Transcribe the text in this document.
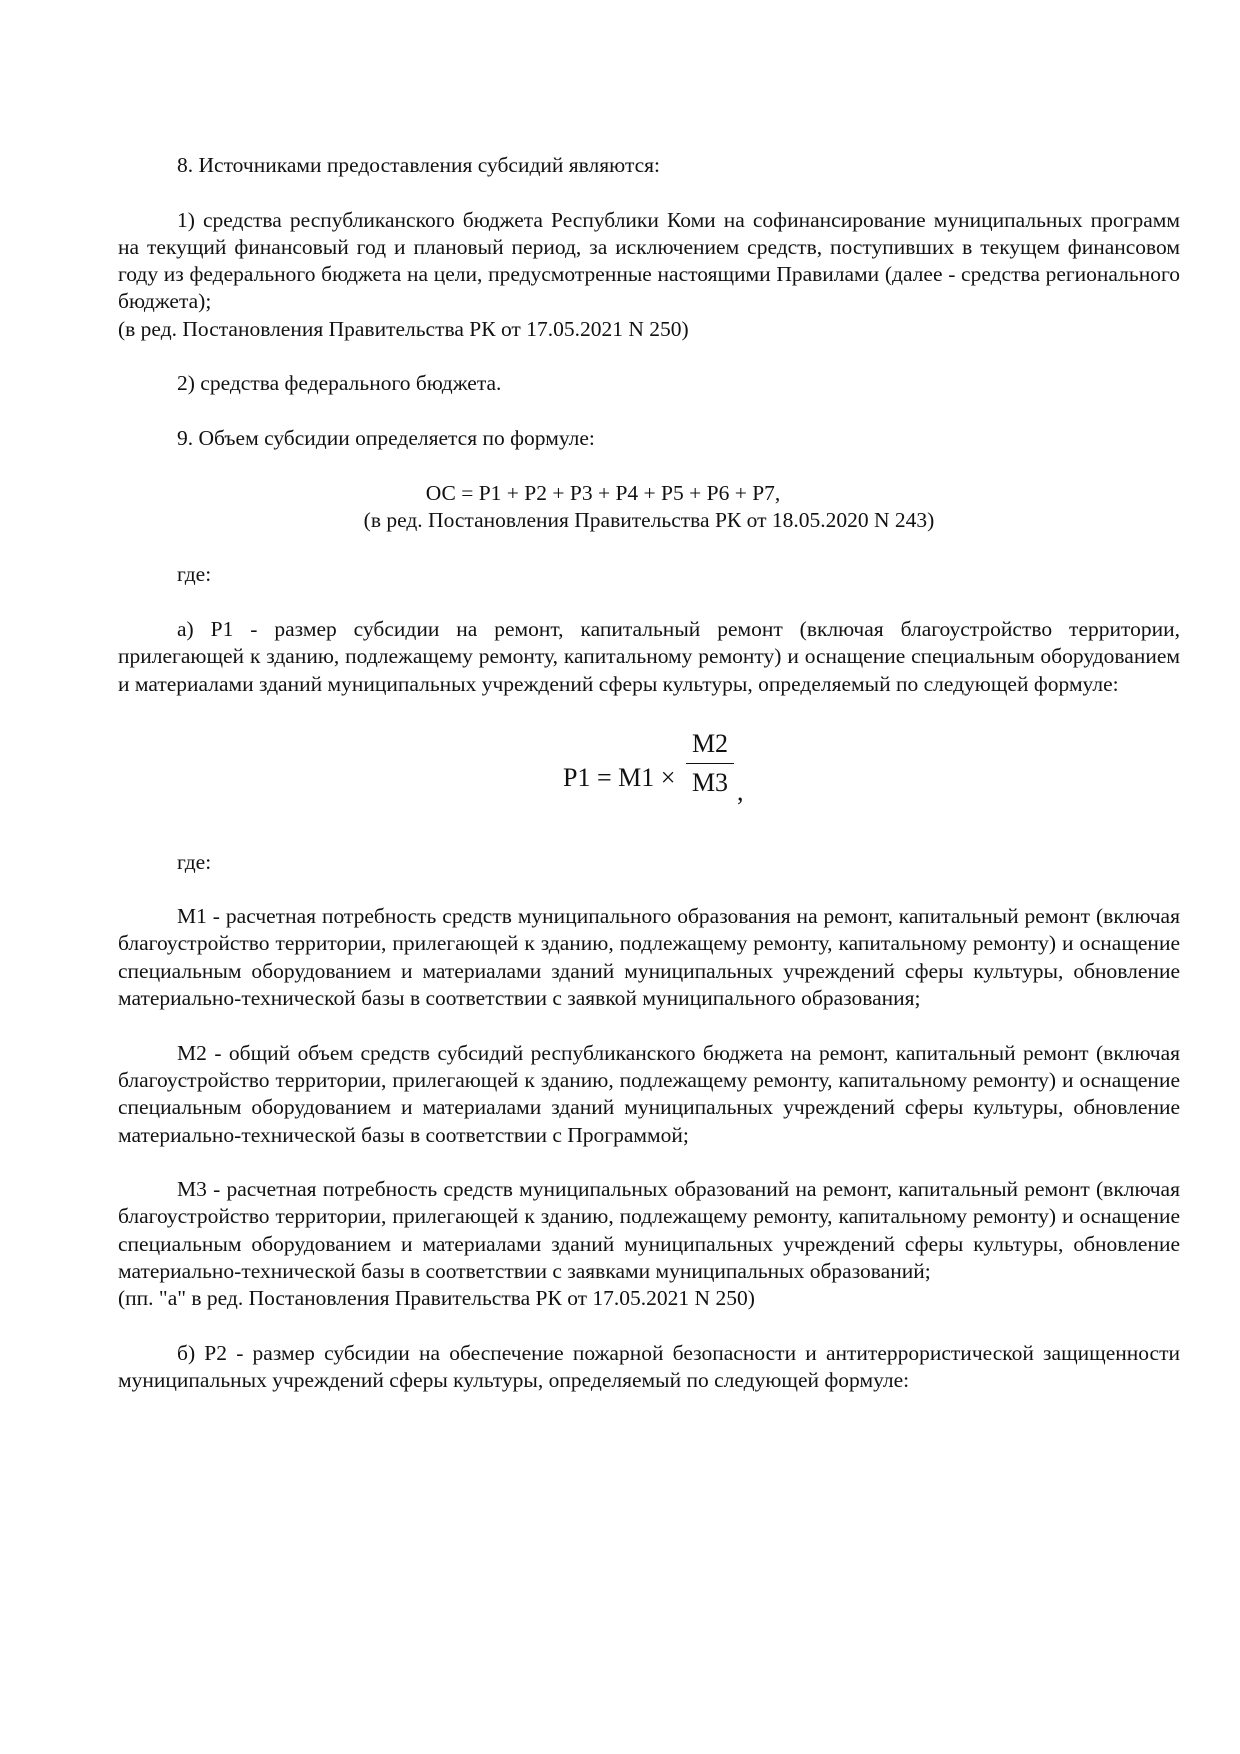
8. Источниками предоставления субсидий являются:

1) средства республиканского бюджета Республики Коми на софинансирование муниципальных программ на текущий финансовый год и плановый период, за исключением средств, поступивших в текущем финансовом году из федерального бюджета на цели, предусмотренные настоящими Правилами (далее - средства регионального бюджета);

(в ред. Постановления Правительства РК от 17.05.2021 N 250)

2) средства федерального бюджета.

9. Объем субсидии определяется по формуле:

ОС = Р1 + Р2 + Р3 + Р4 + Р5 + Р6 + Р7,
(в ред. Постановления Правительства РК от 18.05.2020 N 243)

где:

а) Р1 - размер субсидии на ремонт, капитальный ремонт (включая благоустройство территории, прилегающей к зданию, подлежащему ремонту, капитальному ремонту) и оснащение специальным оборудованием и материалами зданий муниципальных учреждений сферы культуры, определяемый по следующей формуле:

Р1 = М1 ×
М2
М3 ,

где:

М1 - расчетная потребность средств муниципального образования на ремонт, капитальный ремонт (включая благоустройство территории, прилегающей к зданию, подлежащему ремонту, капитальному ремонту) и оснащение специальным оборудованием и материалами зданий муниципальных учреждений сферы культуры, обновление материально-технической базы в соответствии с заявкой муниципального образования;

М2 - общий объем средств субсидий республиканского бюджета на ремонт, капитальный ремонт (включая благоустройство территории, прилегающей к зданию, подлежащему ремонту, капитальному ремонту) и оснащение специальным оборудованием и материалами зданий муниципальных учреждений сферы культуры, обновление материально-технической базы в соответствии с Программой;

М3 - расчетная потребность средств муниципальных образований на ремонт, капитальный ремонт (включая благоустройство территории, прилегающей к зданию, подлежащему ремонту, капитальному ремонту) и оснащение специальным оборудованием и материалами зданий муниципальных учреждений сферы культуры, обновление материально-технической базы в соответствии с заявками муниципальных образований;

(пп. "а" в ред. Постановления Правительства РК от 17.05.2021 N 250)

б) Р2 - размер субсидии на обеспечение пожарной безопасности и антитеррористической защищенности муниципальных учреждений сферы культуры, определяемый по следующей формуле:
